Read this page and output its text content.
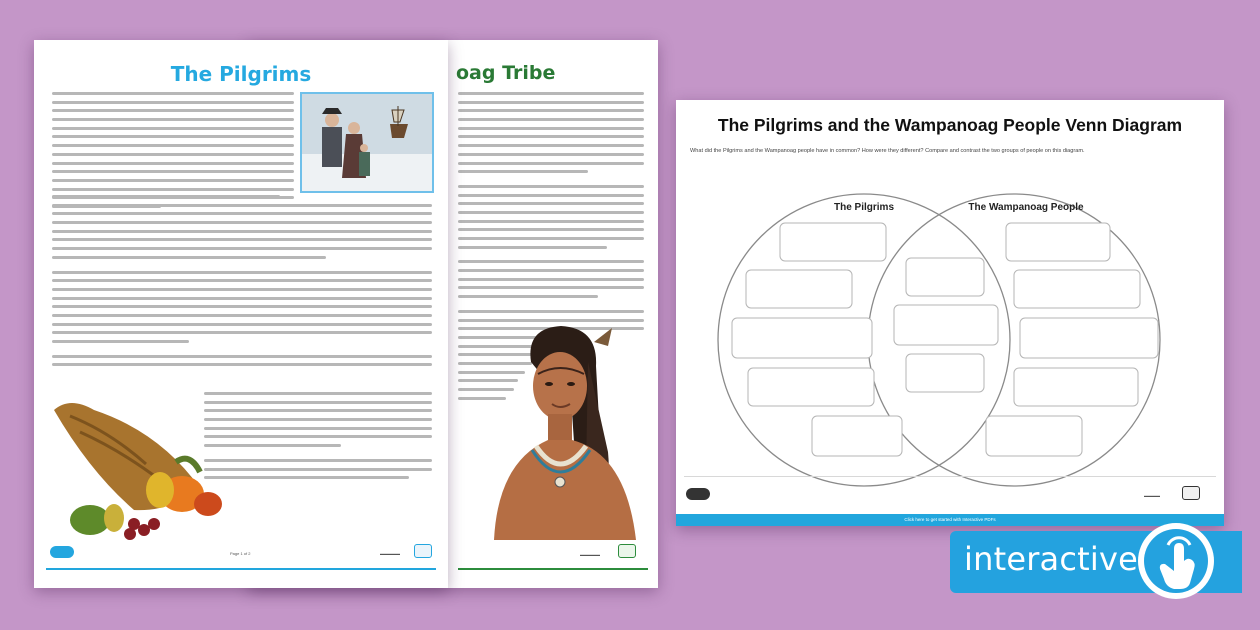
oag Tribe
▬▬▬▬▬
The Pilgrims
Page 1 of 2	▬▬▬▬▬
The Pilgrims and the Wampanoag People Venn Diagram
What did the Pilgrims and the Wampanoag people have in common? How were they different? Compare and contrast the two groups of people on this diagram.
The Pilgrims	The Wampanoag People
▬▬▬▬
Click here to get started with Interactive PDFs
interactive
